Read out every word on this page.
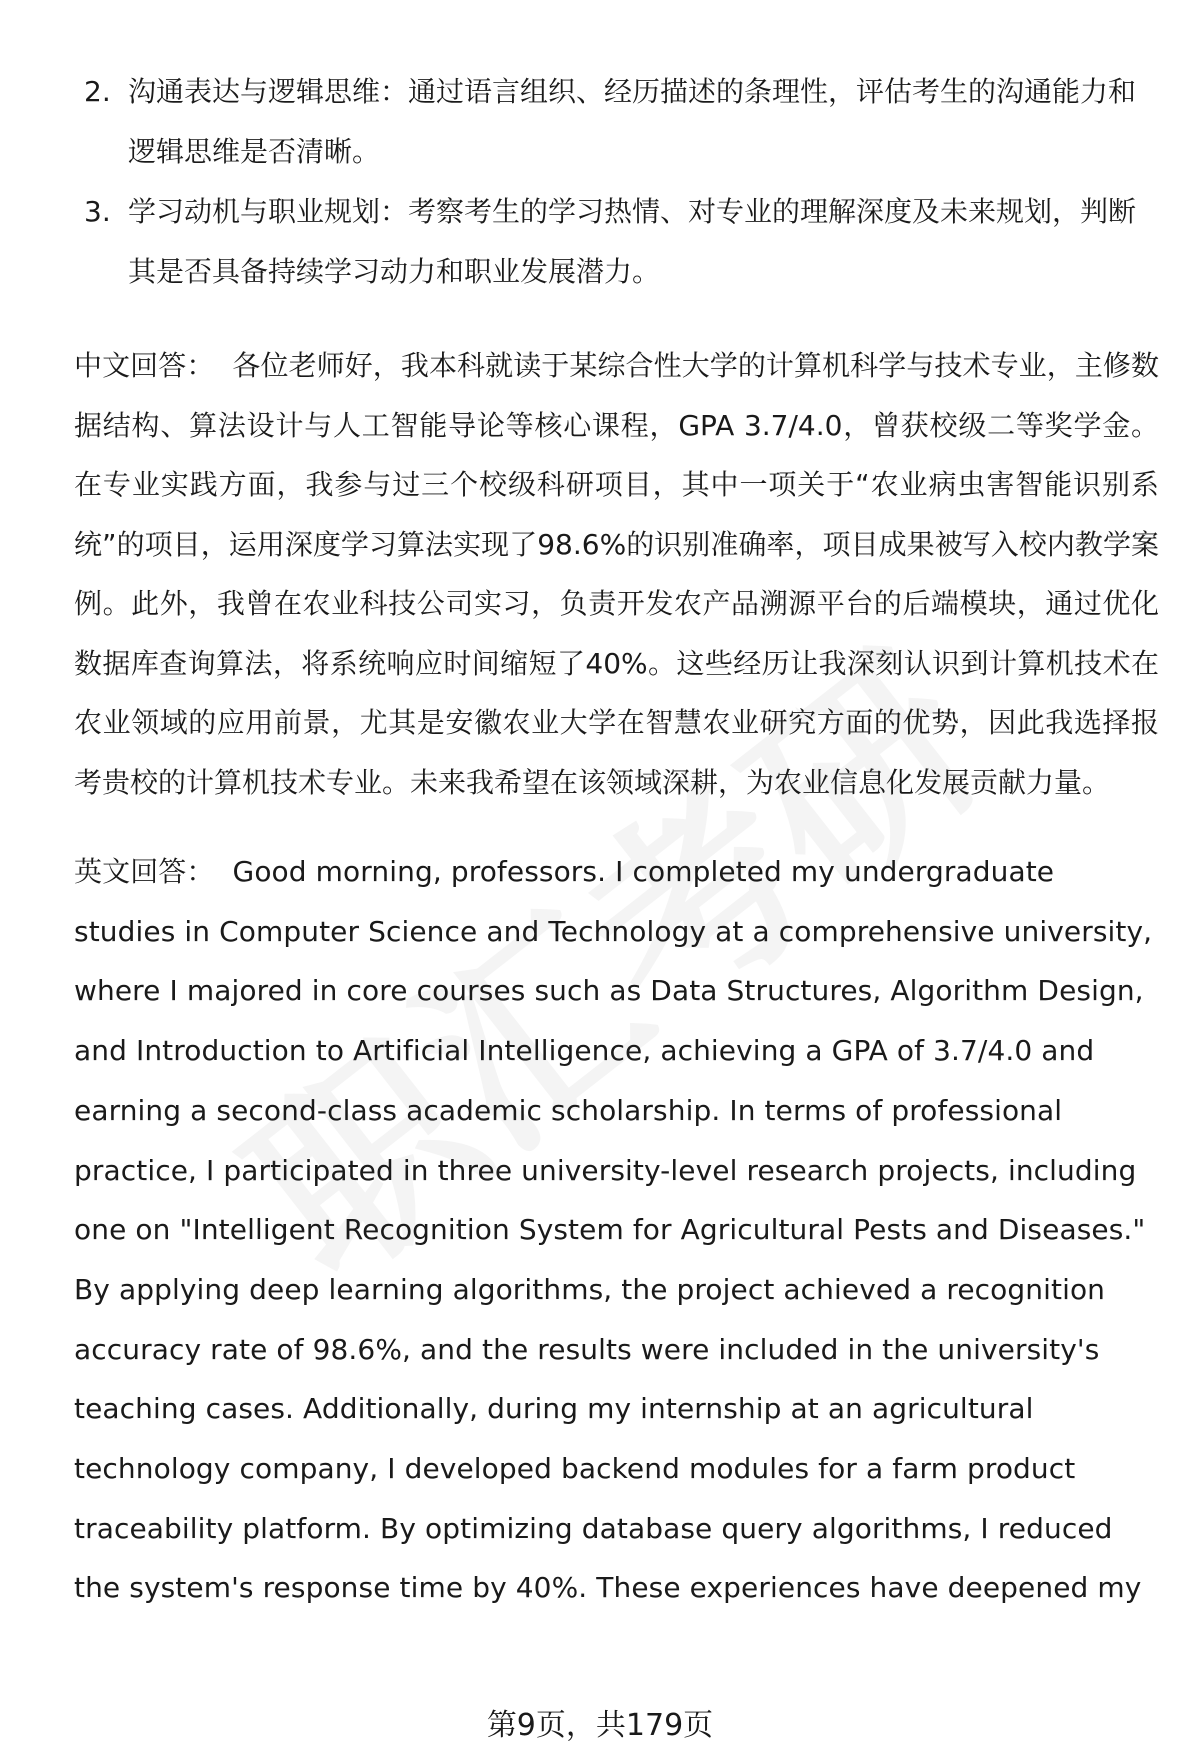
2. 沟通表达与逻辑思维：通过语言组织、经历描述的条理性，评估考生的沟通能力和逻辑思维是否清晰。
3. 学习动机与职业规划：考察考生的学习热情、对专业的理解深度及未来规划，判断其是否具备持续学习动力和职业发展潜力。

中文回答： 各位老师好，我本科就读于某综合性大学的计算机科学与技术专业，主修数据结构、算法设计与人工智能导论等核心课程，GPA 3.7/4.0，曾获校级二等奖学金。在专业实践方面，我参与过三个校级科研项目，其中一项关于“农业病虫害智能识别系统”的项目，运用深度学习算法实现了98.6%的识别准确率，项目成果被写入校内教学案例。此外，我曾在农业科技公司实习，负责开发农产品溯源平台的后端模块，通过优化数据库查询算法，将系统响应时间缩短了40%。这些经历让我深刻认识到计算机技术在农业领域的应用前景，尤其是安徽农业大学在智慧农业研究方面的优势，因此我选择报考贵校的计算机技术专业。未来我希望在该领域深耕，为农业信息化发展贡献力量。

英文回答： Good morning, professors. I completed my undergraduate studies in Computer Science and Technology at a comprehensive university, where I majored in core courses such as Data Structures, Algorithm Design, and Introduction to Artificial Intelligence, achieving a GPA of 3.7/4.0 and earning a second-class academic scholarship. In terms of professional practice, I participated in three university-level research projects, including one on "Intelligent Recognition System for Agricultural Pests and Diseases." By applying deep learning algorithms, the project achieved a recognition accuracy rate of 98.6%, and the results were included in the university's teaching cases. Additionally, during my internship at an agricultural technology company, I developed backend modules for a farm product traceability platform. By optimizing database query algorithms, I reduced the system's response time by 40%. These experiences have deepened my

第9页，共179页
